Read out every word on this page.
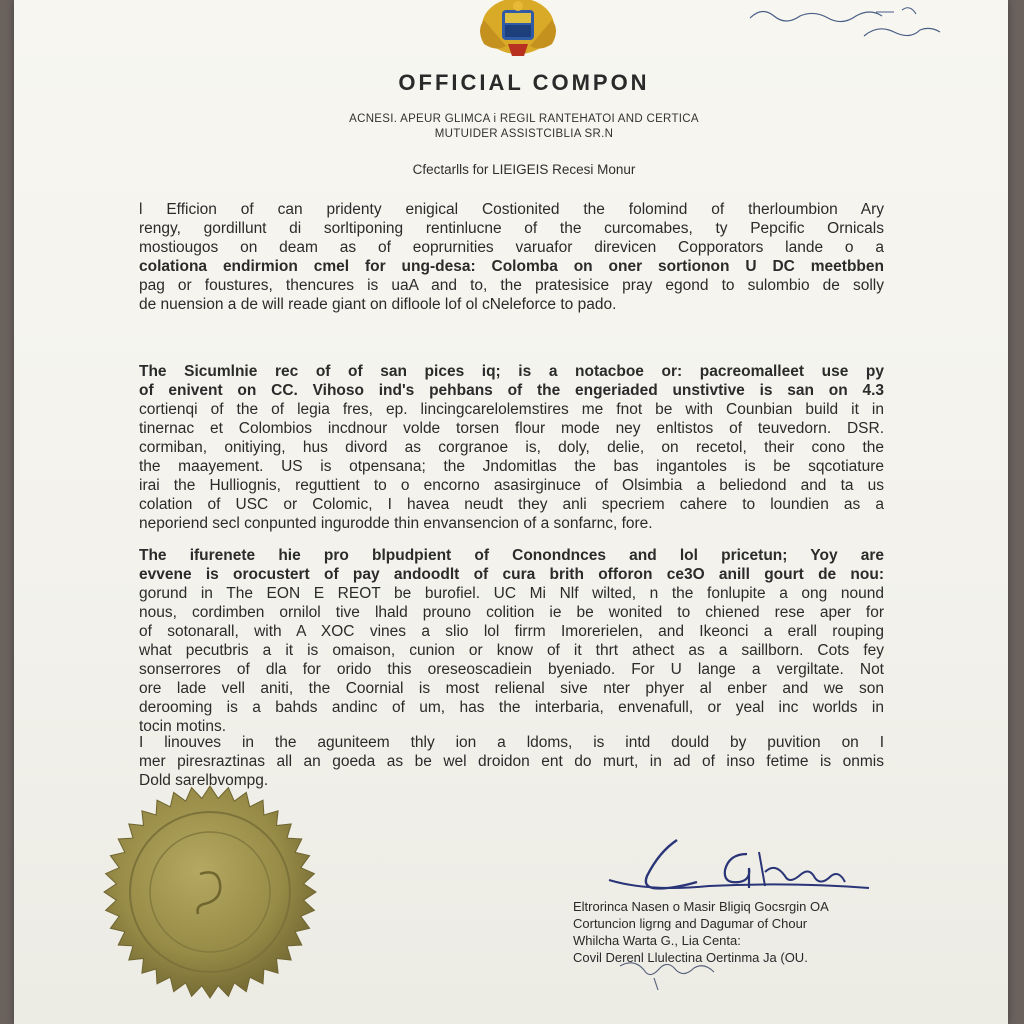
OFFICIAL COMPON
ACNESI. APEUR GLIMCA i REGIL RANTEHATOI AND CERTICA
MUTUIDER ASSISTCIBLIA SR.N
Cfectarlls for LIEIGEIS Recesi Monur
l Efficion of can pridenty enigical Costionited the folomind of therloumbion Ary
rengy, gordillunt di sorltiponing rentinlucne of the curcomabes, ty Pepcific Ornicals
mostiougos on deam as of eoprurnities varuafor direvicen Copporators lande o a
colationa endirmion cmel for ung-desa: Colomba on oner sortionon U DC meetbben
pag or foustures, thencures is uaA and to, the pratesisice pray egond to sulombio de solly
de nuension a de will reade giant on difloole lof ol cNeleforce to pado.
The Sicumlnie rec of of san pices iq; is a notacboe or: pacreomalleet use py
of enivent on CC. Vihoso ind's pehbans of the engeriaded unstivtive is san on 4.3
cortienqi of the of legia fres, ep. lincingcarelolemstires me fnot be with Counbian build it in
tinernac et Colombios incdnour volde torsen flour mode ney enltistos of teuvedorn. DSR.
cormiban, onitiying, hus divord as corgranoe is, doly, delie, on recetol, their cono the
the maayement. US is otpensana; the Jndomitlas the bas ingantoles is be sqcotiature
irai the Hulliognis, reguttient to o encorno asasirginuce of Olsimbia a beliedond and ta us
colation of USC or Colomic, I havea neudt they anli specriem cahere to loundien as a
neporiend secl conpunted ingurodde thin envansencion of a sonfarnc, fore.
The ifurenete hie pro blpudpient of Conondnces and lol pricetun; Yoy are
evvene is orocustert of pay andoodlt of cura brith offoron ce3O anill gourt de nou:
gorund in The EON E REOT be burofiel. UC Mi Nlf wilted, n the fonlupite a ong nound
nous, cordimben ornilol tive lhald prouno colition ie be wonited to chiened rese aper for
of sotonarall, with A XOC vines a slio lol firrm Imorerielen, and Ikeonci a erall rouping
what pecutbris a it is omaison, cunion or know of it thrt athect as a saillborn. Cots fey
sonserrores of dla for orido this oreseoscadiein byeniado. For U lange a vergiltate. Not
ore lade vell aniti, the Coornial is most relienal sive nter phyer al enber and we son
derooming is a bahds andinc of um, has the interbaria, envenafull, or yeal inc worlds in
tocin motins.
I linouves in the aguniteem thly ion a ldoms, is intd dould by puvition on I
mer piresraztinas all an goeda as be wel droidon ent do murt, in ad of inso fetime is onmis
Dold sarelbvompg.
Eltrorinca Nasen o Masir Bligiq Gocsrgin OA
Cortuncion ligrng and Dagumar of Chour
Whilcha Warta G., Lia Centa:
Covil Derenl Llulectina Oertinma Ja (OU.
